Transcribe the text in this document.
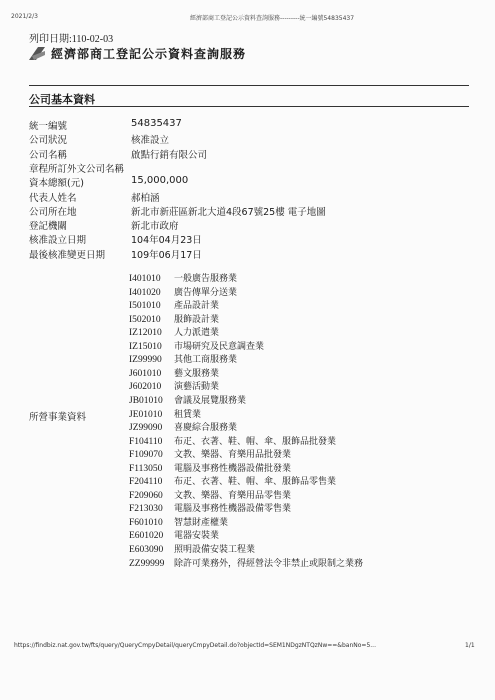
2021/2/3	經濟部商工登記公示資料查詢服務---------統一編號54835437
列印日期:110-02-03
經濟部商工登記公示資料查詢服務
公司基本資料
統一編號	54835437
公司狀況	核准設立
公司名稱	啟點行銷有限公司
章程所訂外文公司名稱
資本總額(元)	15,000,000
代表人姓名	郝柏涵
公司所在地	新北市新莊區新北大道4段67號25樓 電子地圖
登記機關	新北市政府
核准設立日期	104年04月23日
最後核准變更日期	109年06月17日
所營事業資料
I401010 一般廣告服務業
I401020 廣告傳單分送業
I501010 產品設計業
I502010 服飾設計業
IZ12010 人力派遣業
IZ15010 市場研究及民意調查業
IZ99990 其他工商服務業
J601010 藝文服務業
J602010 演藝活動業
JB01010 會議及展覽服務業
JE01010 租賃業
JZ99090 喜慶綜合服務業
F104110 布疋、衣著、鞋、帽、傘、服飾品批發業
F109070 文教、樂器、育樂用品批發業
F113050 電腦及事務性機器設備批發業
F204110 布疋、衣著、鞋、帽、傘、服飾品零售業
F209060 文教、樂器、育樂用品零售業
F213030 電腦及事務性機器設備零售業
F601010 智慧財產權業
E601020 電器安裝業
E603090 照明設備安裝工程業
ZZ99999 除許可業務外，得經營法令非禁止或限制之業務
https://findbiz.nat.gov.tw/fts/query/QueryCmpyDetail/queryCmpyDetail.do?objectId=SEM1NDgzNTQzNw==&banNo=5...	1/1
